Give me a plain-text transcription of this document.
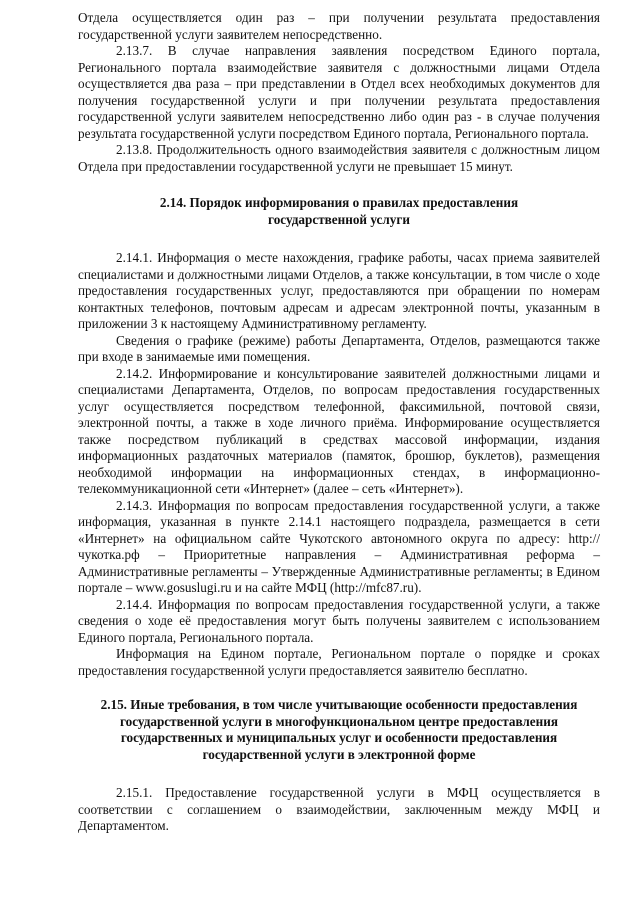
Отдела осуществляется один раз – при получении результата предоставления государственной услуги заявителем непосредственно.

2.13.7. В случае направления заявления посредством Единого портала, Регионального портала взаимодействие заявителя с должностными лицами Отдела осуществляется два раза – при представлении в Отдел всех необходимых документов для получения государственной услуги и при получении результата предоставления государственной услуги заявителем непосредственно либо один раз - в случае получения результата государственной услуги посредством Единого портала, Регионального портала.

2.13.8. Продолжительность одного взаимодействия заявителя с должностным лицом Отдела при предоставлении государственной услуги не превышает 15 минут.

2.14. Порядок информирования о правилах предоставления
государственной услуги

2.14.1. Информация о месте нахождения, графике работы, часах приема заявителей специалистами и должностными лицами Отделов, а также консультации, в том числе о ходе предоставления государственных услуг, предоставляются при обращении по номерам контактных телефонов, почтовым адресам и адресам электронной почты, указанным в приложении 3 к настоящему Административному регламенту.

Сведения о графике (режиме) работы Департамента, Отделов, размещаются также при входе в занимаемые ими помещения.

2.14.2. Информирование и консультирование заявителей должностными лицами и специалистами Департамента, Отделов, по вопросам предоставления государственных услуг осуществляется посредством телефонной, факсимильной, почтовой связи, электронной почты, а также в ходе личного приёма. Информирование осуществляется также посредством публикаций в средствах массовой информации, издания информационных раздаточных материалов (памяток, брошюр, буклетов), размещения необходимой информации на информационных стендах, в информационно-телекоммуникационной сети «Интернет» (далее – сеть «Интернет»).

2.14.3. Информация по вопросам предоставления государственной услуги, а также информация, указанная в пункте 2.14.1 настоящего подраздела, размещается в сети «Интернет» на официальном сайте Чукотского автономного округа по адресу: http://чукотка.рф – Приоритетные направления – Административная реформа – Административные регламенты – Утвержденные Административные регламенты; в Едином портале – www.gosuslugi.ru и на сайте МФЦ (http://mfc87.ru).

2.14.4. Информация по вопросам предоставления государственной услуги, а также сведения о ходе её предоставления могут быть получены заявителем с использованием Единого портала, Регионального портала.

Информация на Едином портале, Региональном портале о порядке и сроках предоставления государственной услуги предоставляется заявителю бесплатно.

2.15. Иные требования, в том числе учитывающие особенности предоставления
государственной услуги в многофункциональном центре предоставления
государственных и муниципальных услуг и особенности предоставления
государственной услуги в электронной форме

2.15.1. Предоставление государственной услуги в МФЦ осуществляется в соответствии с соглашением о взаимодействии, заключенным между МФЦ и Департаментом.
